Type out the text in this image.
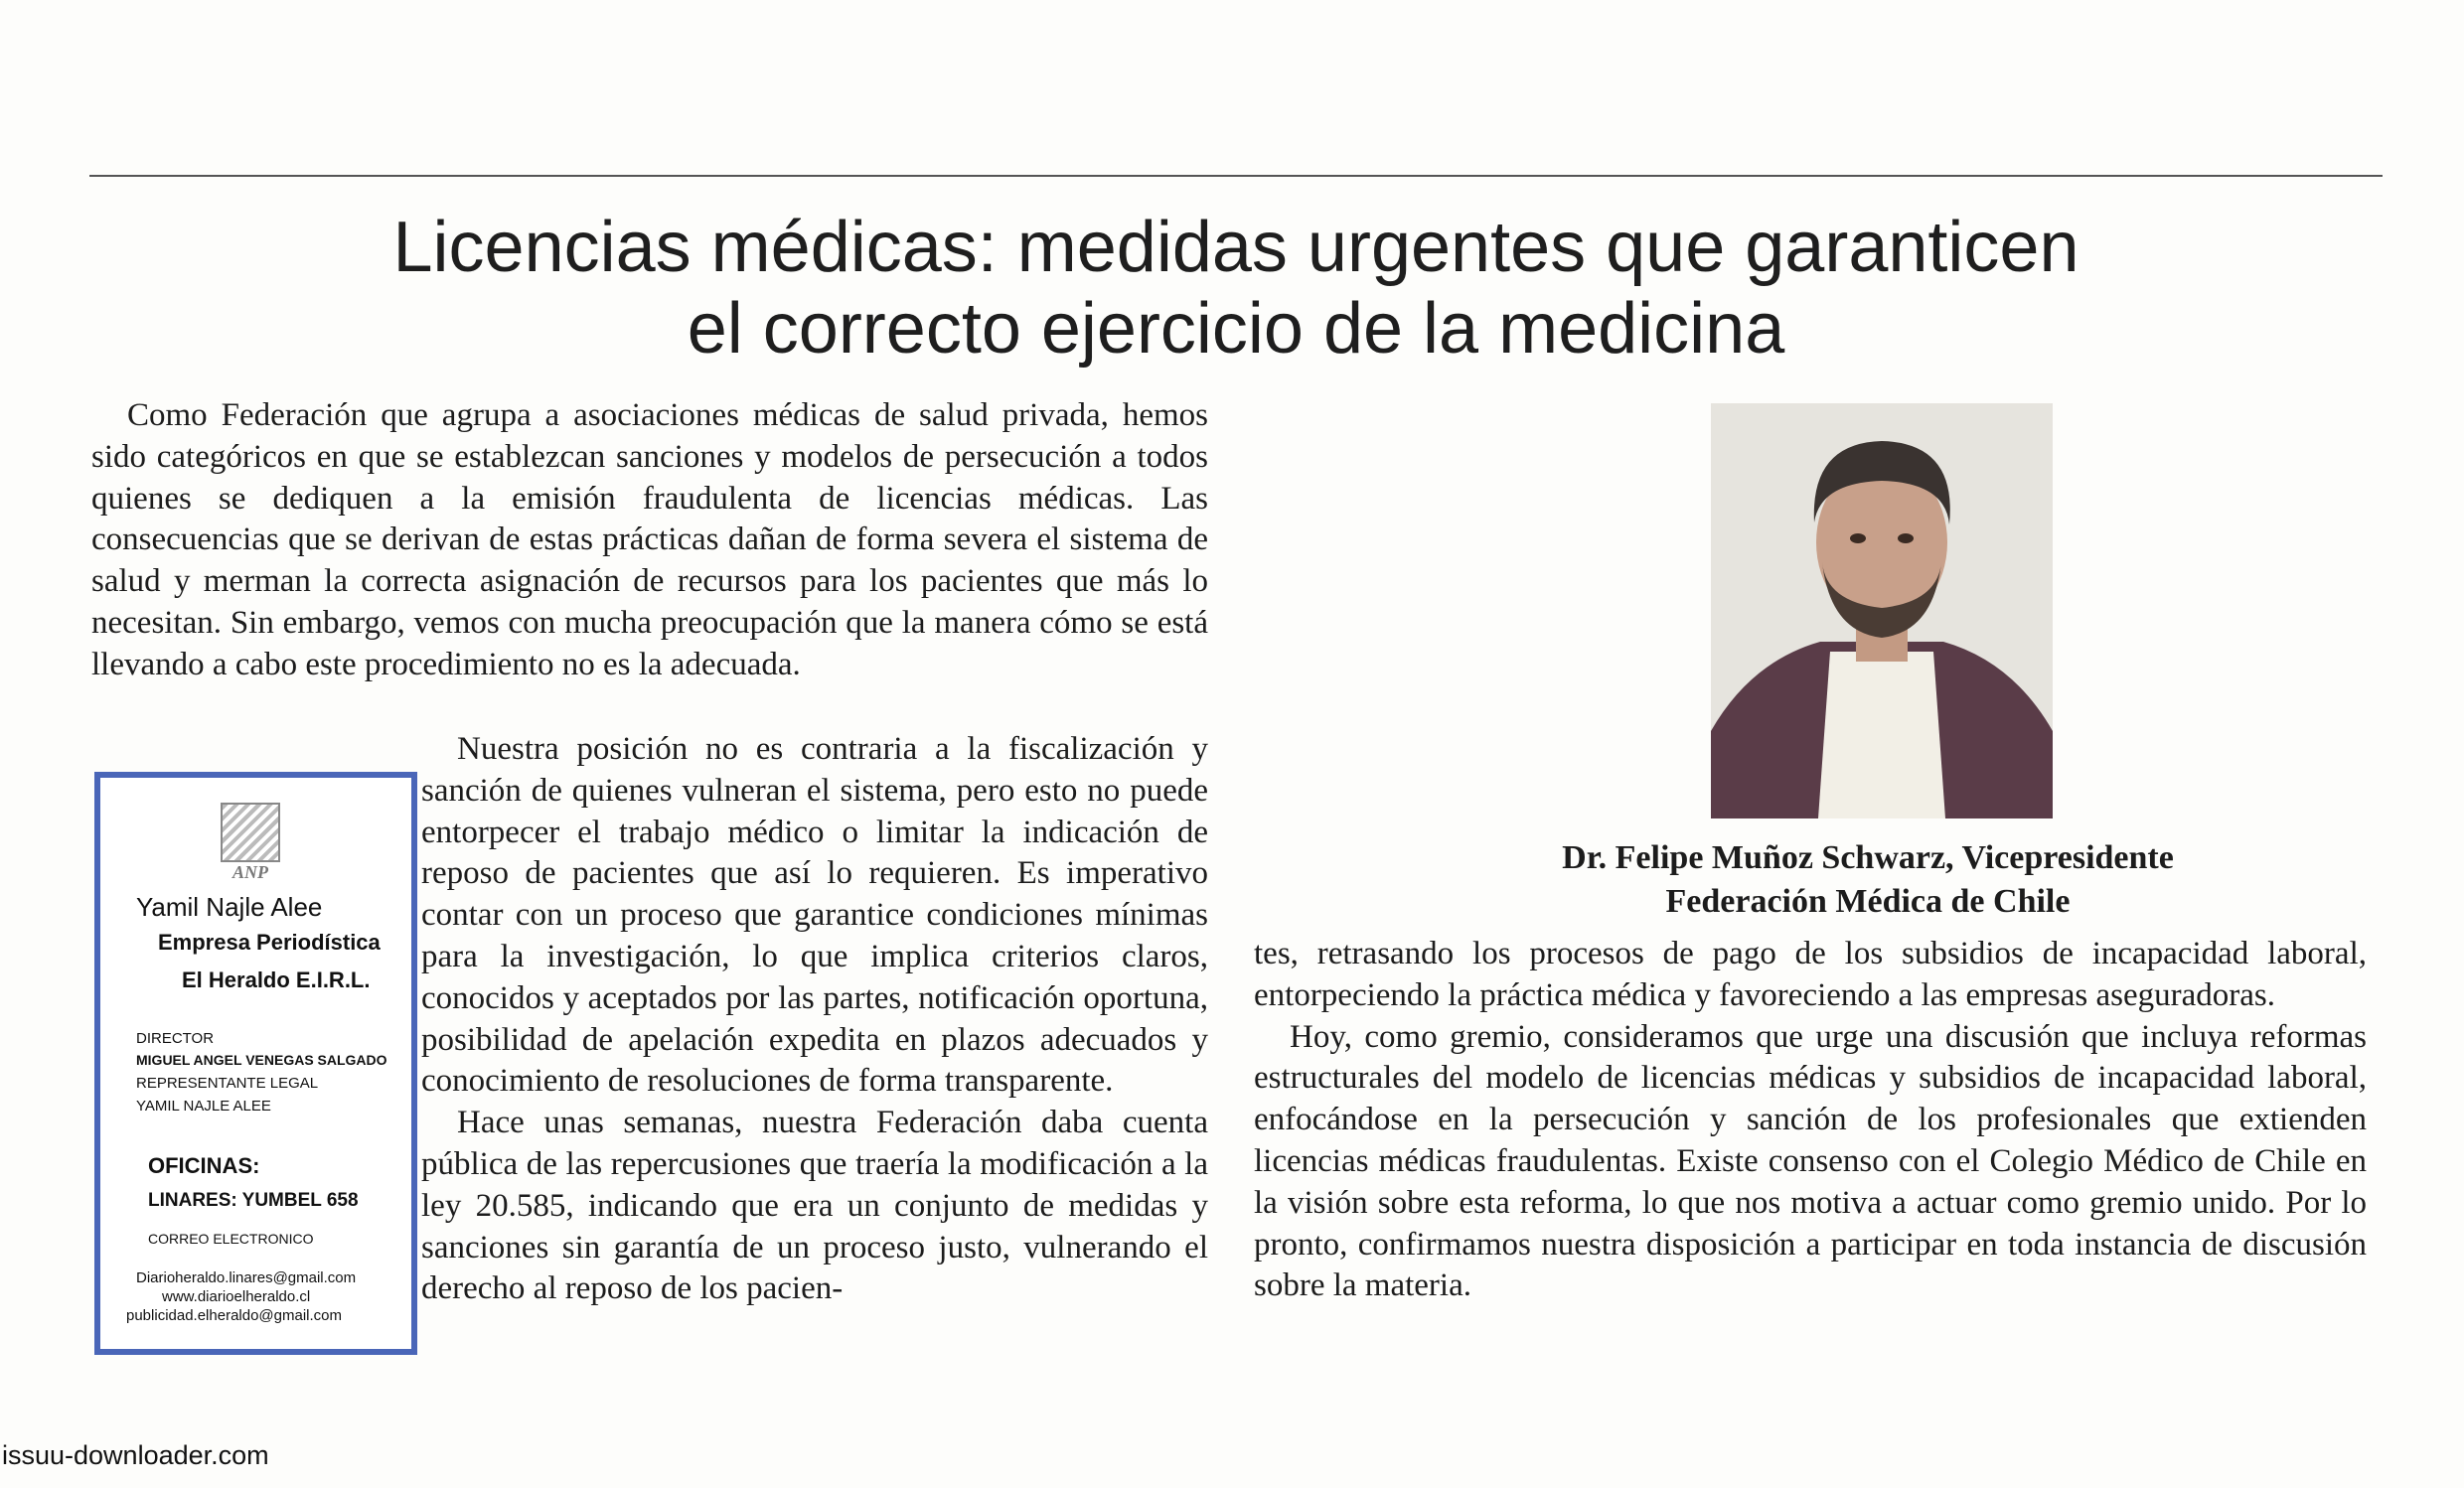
Licencias médicas: medidas urgentes que garanticen
el correcto ejercicio de la medicina

Como Federación que agrupa a asociaciones médicas de salud privada, hemos sido categóricos en que se establezcan sanciones y modelos de persecución a todos quienes se dediquen a la emisión fraudulenta de licencias médicas. Las consecuencias que se derivan de estas prácticas dañan de forma severa el sistema de salud y merman la correcta asignación de recursos para los pacientes que más lo necesitan. Sin embargo, vemos con mucha preocupación que la manera cómo se está llevando a cabo este procedimiento no es la adecuada.

ANP
Yamil Najle Alee
Empresa Periodística
El Heraldo E.I.R.L.
DIRECTOR
MIGUEL ANGEL VENEGAS SALGADO
REPRESENTANTE LEGAL
YAMIL NAJLE ALEE
OFICINAS:
LINARES: YUMBEL 658
CORREO ELECTRONICO
Diarioheraldo.linares@gmail.com
www.diarioelheraldo.cl
publicidad.elheraldo@gmail.com

Nuestra posición no es contraria a la fiscalización y sanción de quienes vulneran el sistema, pero esto no puede entorpecer el trabajo médico o limitar la indicación de reposo de pacientes que así lo requieren. Es imperativo contar con un proceso que garantice condiciones mínimas para la investigación, lo que implica criterios claros, conocidos y aceptados por las partes, notificación oportuna, posibilidad de apelación expedita en plazos adecuados y conocimiento de resoluciones de forma transparente.

Hace unas semanas, nuestra Federación daba cuenta pública de las repercusiones que traería la modificación a la ley 20.585, indicando que era un conjunto de medidas y sanciones sin garantía de un proceso justo, vulnerando el derecho al reposo de los pacien-

Dr. Felipe Muñoz Schwarz, Vicepresidente
Federación Médica de Chile

tes, retrasando los procesos de pago de los subsidios de incapacidad laboral, entorpeciendo la práctica médica y favoreciendo a las empresas aseguradoras.

Hoy, como gremio, consideramos que urge una discusión que incluya reformas estructurales del modelo de licencias médicas y subsidios de incapacidad laboral, enfocándose en la persecución y sanción de los profesionales que extienden licencias médicas fraudulentas. Existe consenso con el Colegio Médico de Chile en la visión sobre esta reforma, lo que nos motiva a actuar como gremio unido. Por lo pronto, confirmamos nuestra disposición a participar en toda instancia de discusión sobre la materia.

issuu-downloader.com
